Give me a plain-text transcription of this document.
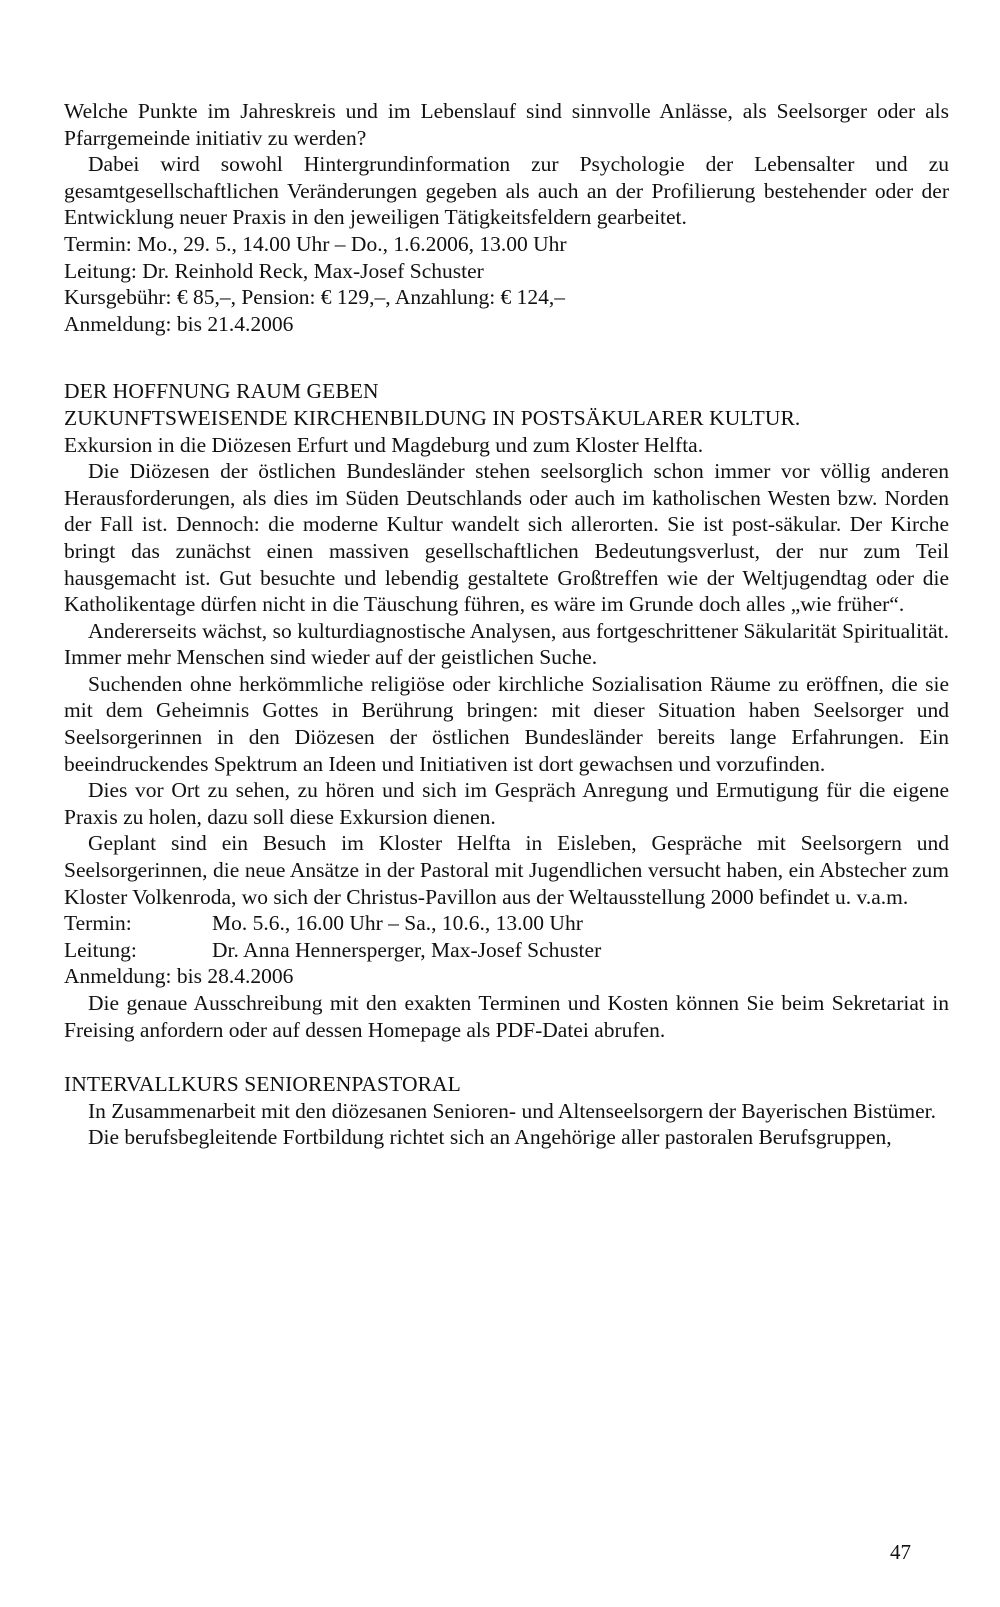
Welche Punkte im Jahreskreis und im Lebenslauf sind sinnvolle Anlässe, als Seelsorger oder als Pfarrgemeinde initiativ zu werden?

Dabei wird sowohl Hintergrundinformation zur Psychologie der Lebensalter und zu gesamtgesellschaftlichen Veränderungen gegeben als auch an der Profilierung bestehender oder der Entwicklung neuer Praxis in den jeweiligen Tätigkeitsfeldern gearbeitet.

Termin: Mo., 29. 5., 14.00 Uhr – Do., 1.6.2006, 13.00 Uhr

Leitung: Dr. Reinhold Reck, Max-Josef Schuster

Kursgebühr: € 85,–, Pension: € 129,–, Anzahlung: € 124,–

Anmeldung: bis 21.4.2006

DER HOFFNUNG RAUM GEBEN

ZUKUNFTSWEISENDE KIRCHENBILDUNG IN POSTSÄKULARER KULTUR.

Exkursion in die Diözesen Erfurt und Magdeburg und zum Kloster Helfta.

Die Diözesen der östlichen Bundesländer stehen seelsorglich schon immer vor völlig anderen Herausforderungen, als dies im Süden Deutschlands oder auch im katholischen Westen bzw. Norden der Fall ist. Dennoch: die moderne Kultur wandelt sich allerorten. Sie ist post-säkular. Der Kirche bringt das zunächst einen massiven gesellschaftlichen Bedeutungsverlust, der nur zum Teil hausgemacht ist. Gut besuchte und lebendig gestaltete Großtreffen wie der Weltjugendtag oder die Katholikentage dürfen nicht in die Täuschung führen, es wäre im Grunde doch alles „wie früher“.

Andererseits wächst, so kulturdiagnostische Analysen, aus fortgeschrittener Säkularität Spiritualität. Immer mehr Menschen sind wieder auf der geistlichen Suche.

Suchenden ohne herkömmliche religiöse oder kirchliche Sozialisation Räume zu eröffnen, die sie mit dem Geheimnis Gottes in Berührung bringen: mit dieser Situation haben Seelsorger und Seelsorgerinnen in den Diözesen der östlichen Bundesländer bereits lange Erfahrungen. Ein beeindruckendes Spektrum an Ideen und Initiativen ist dort gewachsen und vorzufinden.

Dies vor Ort zu sehen, zu hören und sich im Gespräch Anregung und Ermutigung für die eigene Praxis zu holen, dazu soll diese Exkursion dienen.

Geplant sind ein Besuch im Kloster Helfta in Eisleben, Gespräche mit Seelsorgern und Seelsorgerinnen, die neue Ansätze in der Pastoral mit Jugendlichen versucht haben, ein Abstecher zum Kloster Volkenroda, wo sich der Christus-Pavillon aus der Weltausstellung 2000 befindet u. v.a.m.

Termin:	Mo. 5.6., 16.00 Uhr – Sa., 10.6., 13.00 Uhr
Leitung:	Dr. Anna Hennersperger, Max-Josef Schuster

Anmeldung: bis 28.4.2006

Die genaue Ausschreibung mit den exakten Terminen und Kosten können Sie beim Sekretariat in Freising anfordern oder auf dessen Homepage als PDF-Datei abrufen.

INTERVALLKURS SENIORENPASTORAL

In Zusammenarbeit mit den diözesanen Senioren- und Altenseelsorgern der Bayerischen Bistümer.

Die berufsbegleitende Fortbildung richtet sich an Angehörige aller pastoralen Berufsgruppen,

47
